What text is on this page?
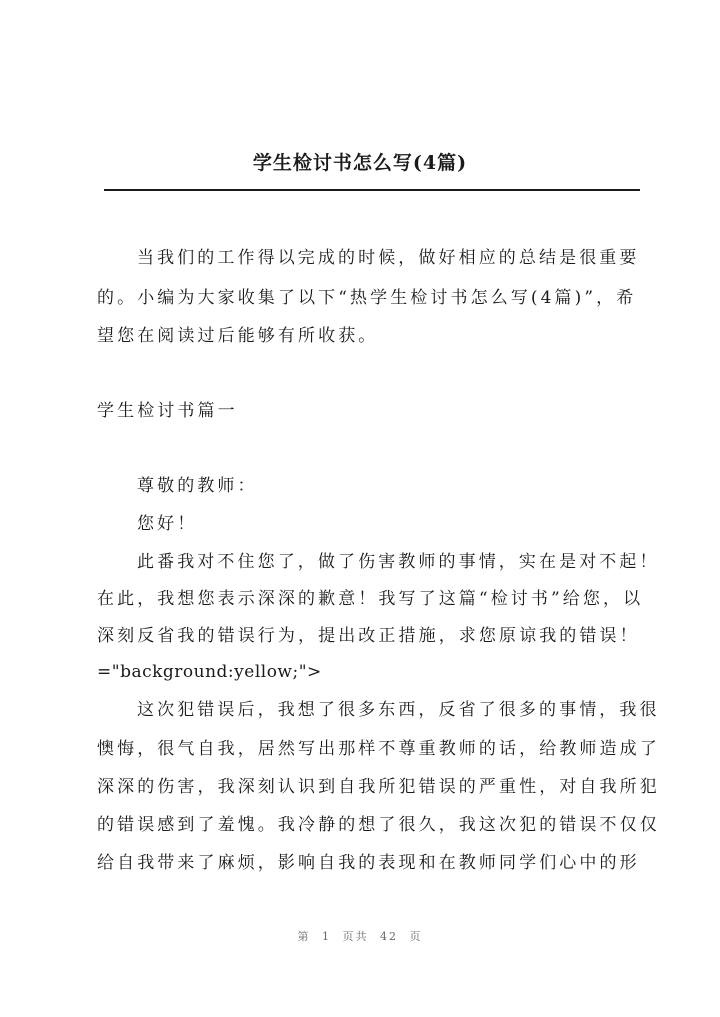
学生检讨书怎么写(4篇)
当我们的工作得以完成的时候，做好相应的总结是很重要
的。小编为大家收集了以下“热学生检讨书怎么写(4篇)”，希
望您在阅读过后能够有所收获。
学生检讨书篇一
尊敬的教师：
您好！
此番我对不住您了，做了伤害教师的事情，实在是对不起！
在此，我想您表示深深的歉意！我写了这篇“检讨书”给您，以
深刻反省我的错误行为，提出改正措施，求您原谅我的错误！
="background:yellow;">
这次犯错误后，我想了很多东西，反省了很多的事情，我很
懊悔，很气自我，居然写出那样不尊重教师的话，给教师造成了
深深的伤害，我深刻认识到自我所犯错误的严重性，对自我所犯
的错误感到了羞愧。我冷静的想了很久，我这次犯的错误不仅仅
给自我带来了麻烦，影响自我的表现和在教师同学们心中的形
第 1 页共 42 页
